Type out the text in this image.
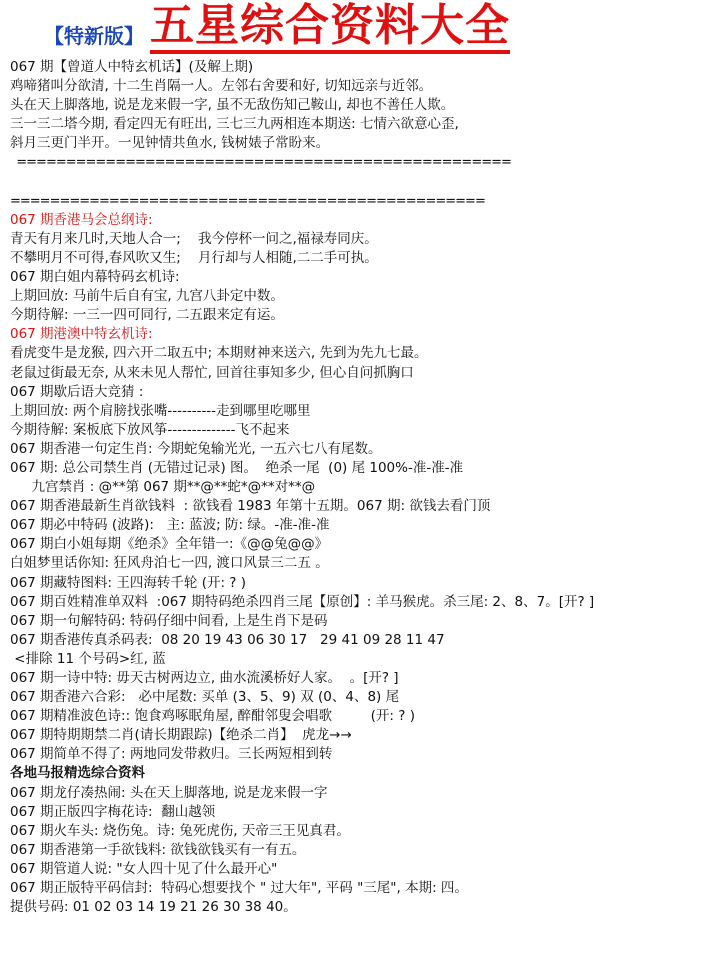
【特新版】 五星综合资料大全
067 期【曾道人中特玄机话】(及解上期)
鸡啼猪叫分欲清, 十二生肖隔一人。左邻右舍要和好, 切知远亲与近邻。
头在天上脚落地, 说是龙来假一字, 虽不无敌伤知己鞍山, 却也不善任人欺。
三一三二塔今期, 看定四无有旺出, 三七三九两相连本期送: 七情六欲意心歪,
斜月三更门半开。一见钟情共鱼水, 钱树婊子常盼来。
==================================================
================================================
067 期香港马会总纲诗:
青天有月来几时,天地人合一;    我今停杯一问之,福禄寿同庆。
不攀明月不可得,春风吹又生;    月行却与人相随,二二手可执。
067 期白姐内幕特码玄机诗:
上期回放: 马前牛后自有宝, 九宫八卦定中数。
今期待解: 一三一四可同行, 二五跟来定有运。
067 期港澳中特玄机诗:
看虎变牛是龙猴, 四六开二取五中; 本期财神来送六, 先到为先九七最。
老鼠过街最无奈, 从来未见人帮忙, 回首往事知多少, 但心自问抓胸口
067 期歇后语大竞猜 :
上期回放: 两个肩膀找张嘴----------走到哪里吃哪里
今期待解: 案板底下放风筝--------------飞不起来
067 期香港一句定生肖: 今期蛇兔输光光, 一五六七八有尾数。
067 期: 总公司禁生肖 (无错过记录) 图。  绝杀一尾  (0) 尾 100%-准-准-准
九宫禁肖 : @**第 067 期**@**蛇*@**对**@
067 期香港最新生肖欲钱料  : 欲钱看 1983 年第十五期。067 期: 欲钱去看门顶
067 期必中特码 (波路):   主: 蓝波; 防: 绿。-准-准-准
067 期白小姐每期《绝杀》全年错一:《@@兔@@》
白姐梦里话你知: 狂风舟泊七一四, 渡口风景三二五 。
067 期藏特图料: 王四海转千轮 (开: ? )
067 期百姓精准单双料  :067 期特码绝杀四肖三尾【原创】: 羊马猴虎。杀三尾: 2、8、7。[开? ]
067 期一句解特码: 特码仔细中间看, 上是生肖下是码
067 期香港传真杀码表:  08 20 19 43 06 30 17   29 41 09 28 11 47
<排除 11 个号码>红, 蓝
067 期一诗中特: 毋天古树两边立, 曲水流溪桥好人家。  。[开? ]
067 期香港六合彩:   必中尾数: 买单 (3、5、9) 双 (0、4、8) 尾
067 期精准波色诗:: 饱食鸡啄眠角屋, 醉酣邻叟会唱歌         (开: ? )
067 期特期期禁二肖(请长期跟踪)【绝杀二肖】  虎龙→→
067 期简单不得了: 两地同发带救归。三长两短相到转
各地马报精选综合资料
067 期龙仔凑热闹: 头在天上脚落地, 说是龙来假一字
067 期正版四字梅花诗:  翻山越领
067 期火车头: 烧伤兔。诗: 兔死虎伤, 天帝三王见真君。
067 期香港第一手欲钱料: 欲钱欲钱买有一有五。
067 期管道人说: "女人四十见了什么最开心"
067 期正版特平码信封:  特码心想要找个 " 过大年", 平码 "三尾", 本期: 四。
提供号码: 01 02 03 14 19 21 26 30 38 40。
